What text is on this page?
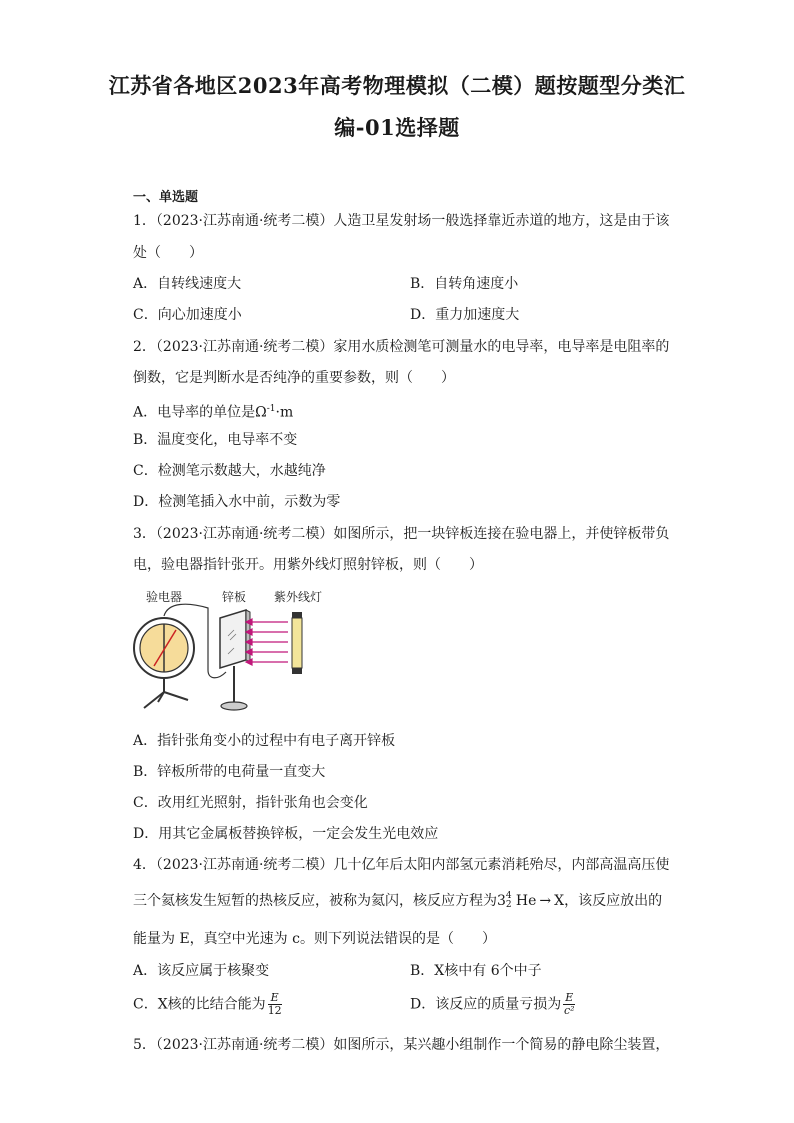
江苏省各地区2023年高考物理模拟（二模）题按题型分类汇
编-01选择题
一、单选题
1．（2023·江苏南通·统考二模）人造卫星发射场一般选择靠近赤道的地方，这是由于该
处（　　）
A．自转线速度大	B．自转角速度小
C．向心加速度小	D．重力加速度大
2．（2023·江苏南通·统考二模）家用水质检测笔可测量水的电导率，电导率是电阻率的
倒数，它是判断水是否纯净的重要参数，则（　　）
A．电导率的单位是$\Omega^{-1}\cdot m$
B．温度变化，电导率不变
C．检测笔示数越大，水越纯净
D．检测笔插入水中前，示数为零
3．（2023·江苏南通·统考二模）如图所示，把一块锌板连接在验电器上，并使锌板带负
电，验电器指针张开。用紫外线灯照射锌板，则（　　）
验电器	锌板 紫外线灯
A．指针张角变小的过程中有电子离开锌板
B．锌板所带的电荷量一直变大
C．改用红光照射，指针张角也会变化
D．用其它金属板替换锌板，一定会发生光电效应
4．（2023·江苏南通·统考二模）几十亿年后太阳内部氢元素消耗殆尽，内部高温高压使
三个氦核发生短暂的热核反应，被称为氦闪，核反应方程为3 4
2 He → X，该反应放出的
能量为 E，真空中光速为 c。则下列说法错误的是（　　）
A．该反应属于核聚变	B．X核中有 6个中子
C．X核的比结合能为 $\frac{E}{12}$	D．该反应的质量亏损为 $\frac{E}{\text{c²}}$
5．（2023·江苏南通·统考二模）如图所示，某兴趣小组制作一个简易的静电除尘装置，
